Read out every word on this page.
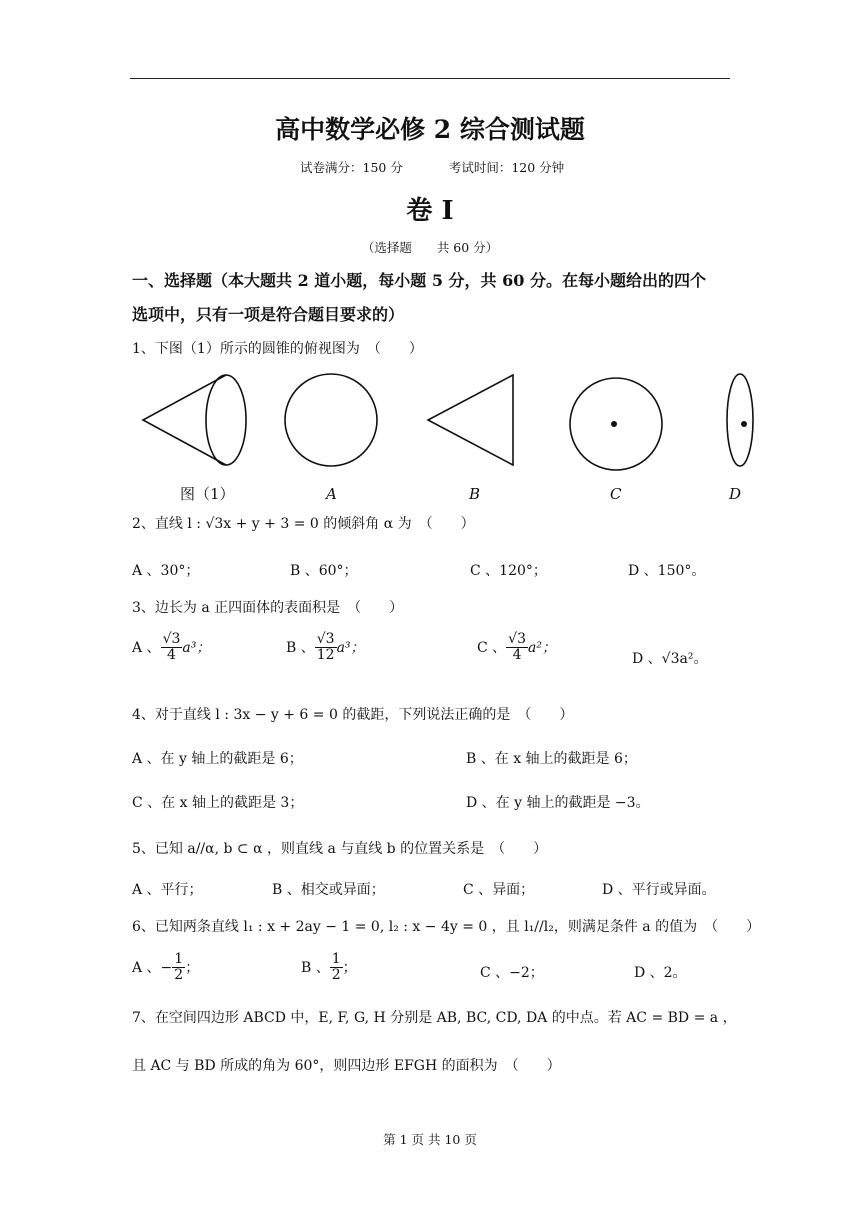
高中数学必修 2 综合测试题
试卷满分：150 分	考试时间：120 分钟
卷 I
（选择题　　共 60 分）
一、选择题（本大题共 2 道小题，每小题 5 分，共 60 分。在每小题给出的四个
选项中，只有一项是符合题目要求的）
1、下图（1）所示的圆锥的俯视图为　（　　）
图（1）	A	B	C	D
2、直线 l : √3x + y + 3 = 0 的倾斜角 α 为　（　　）
A 、30°；	B 、60°；	C 、120°；	D 、150°。
3、边长为 a 正四面体的表面积是　（　　）
A 、 $\frac{√3}{4} a^3$；	B 、 $\frac{√3}{12} a^3$；	C 、 $\frac{√3}{4} a^2$；
D 、√3a²。
4、对于直线 l : 3x − y + 6 = 0 的截距，下列说法正确的是　（　　）
A 、在 y 轴上的截距是 6；	B 、在 x 轴上的截距是 6；
C 、在 x 轴上的截距是 3；	D 、在 y 轴上的截距是 −3。
5、已知 a//α, b ⊂ α ，则直线 a 与直线 b 的位置关系是　（　　）
A 、平行；	B 、相交或异面；	C 、异面；	D 、平行或异面。
6、已知两条直线 l₁ : x + 2ay − 1 = 0, l₂ : x − 4y = 0 ，且 l₁//l₂，则满足条件 a 的值为　（　　）
A 、− $\frac{1}{2}$ ；	B 、 $\frac{1}{2}$ ；	C 、−2；	D 、2。
7、在空间四边形 ABCD 中，E, F, G, H 分别是 AB, BC, CD, DA 的中点。若 AC = BD = a ，
且 AC 与 BD 所成的角为 60°，则四边形 EFGH 的面积为　（　　）
第 1 页 共 10 页
